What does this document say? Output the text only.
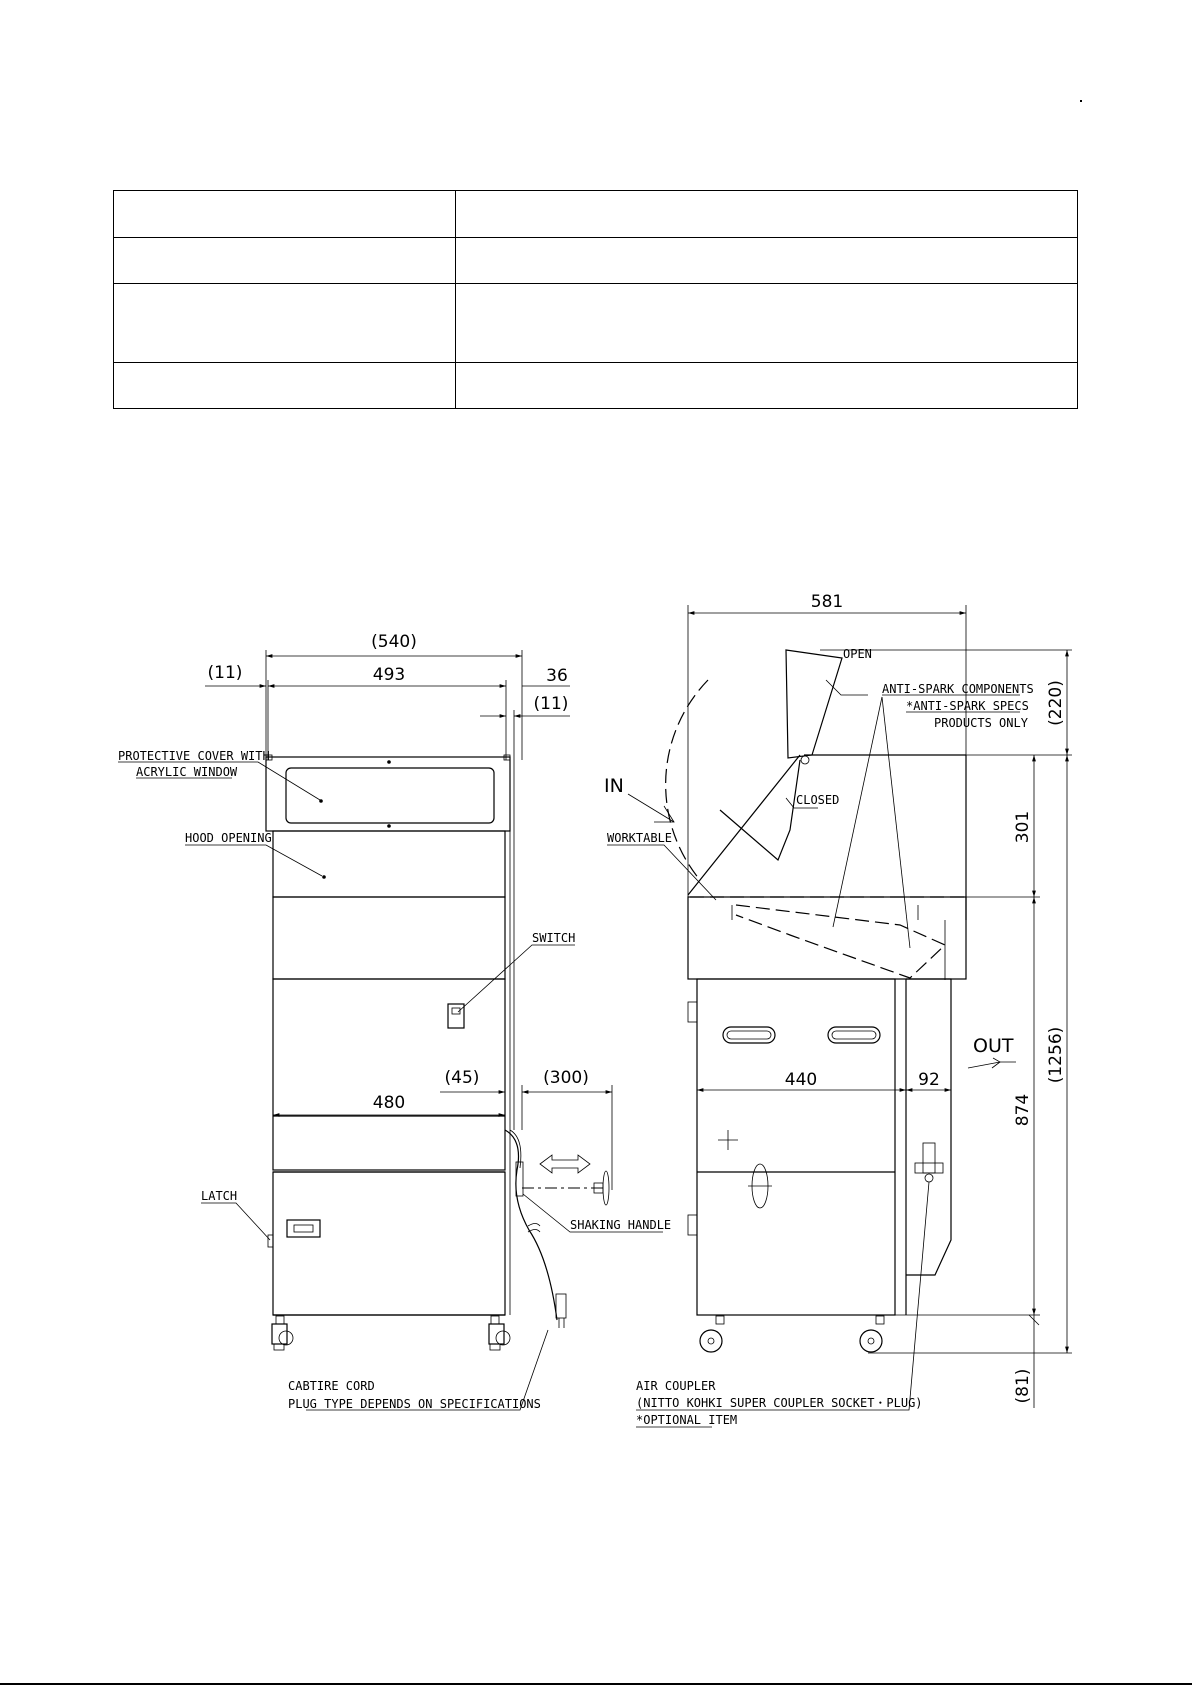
(540)
493
(11)	36
(11)
480
(45)	(300)
PROTECTIVE COVER WITH
ACRYLIC WINDOW
HOOD OPENING
SWITCH
LATCH
SHAKING HANDLE
CABTIRE CORD
PLUG TYPE DEPENDS ON SPECIFICATIONS
581
(220)
301
(1256)
874
(81)
440	92
IN
OUT
OPEN
CLOSED
ANTI-SPARK COMPONENTS
*ANTI-SPARK SPECS
PRODUCTS ONLY
WORKTABLE
AIR COUPLER
(NITTO KOHKI SUPER COUPLER SOCKET・PLUG)
*OPTIONAL ITEM
